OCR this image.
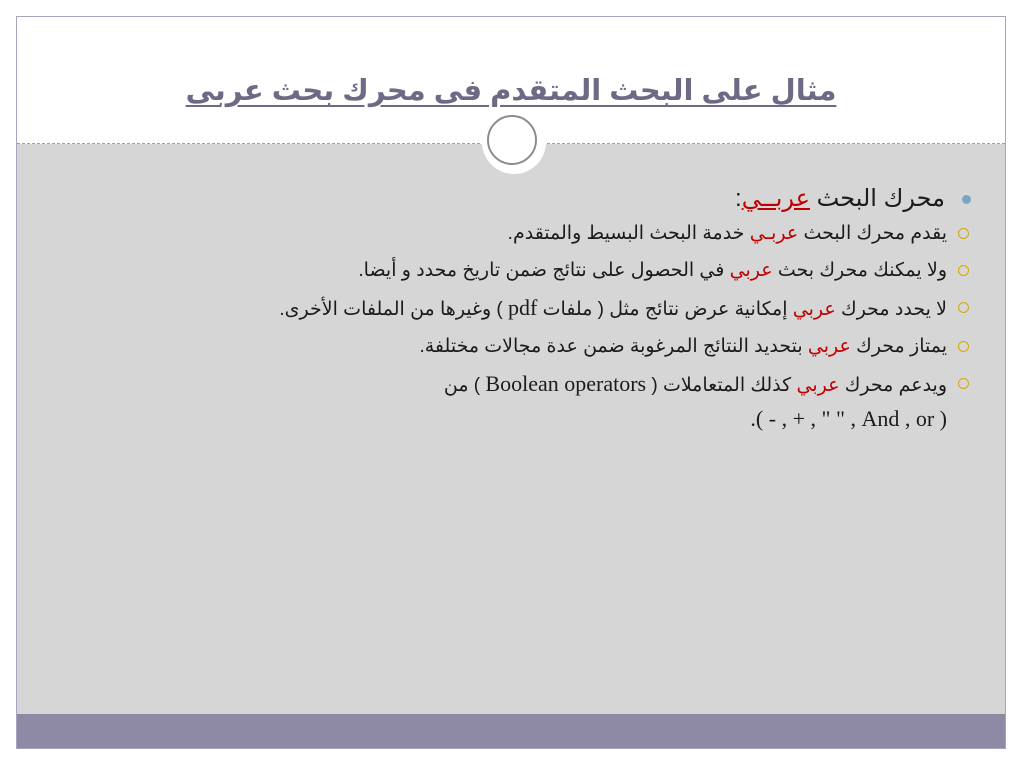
مثال على البحث المتقدم فى محرك بحث عربى
محرك البحث عربــي:
يقدم محرك البحث عربـي خدمة البحث البسيط والمتقدم.
ولا يمكنك محرك بحث عربي في الحصول على نتائج ضمن تاريخ محدد و أيضا.
لا يحدد محرك عربي إمكانية عرض نتائج مثل ( ملفات pdf ) وغيرها من الملفات الأخرى.
يمتاز محرك عربي بتحديد النتائج المرغوبة ضمن عدة مجالات مختلفة.
ويدعم محرك عربي كذلك المتعاملات ( Boolean operators ) من
( And , or , " " , + , - ).
